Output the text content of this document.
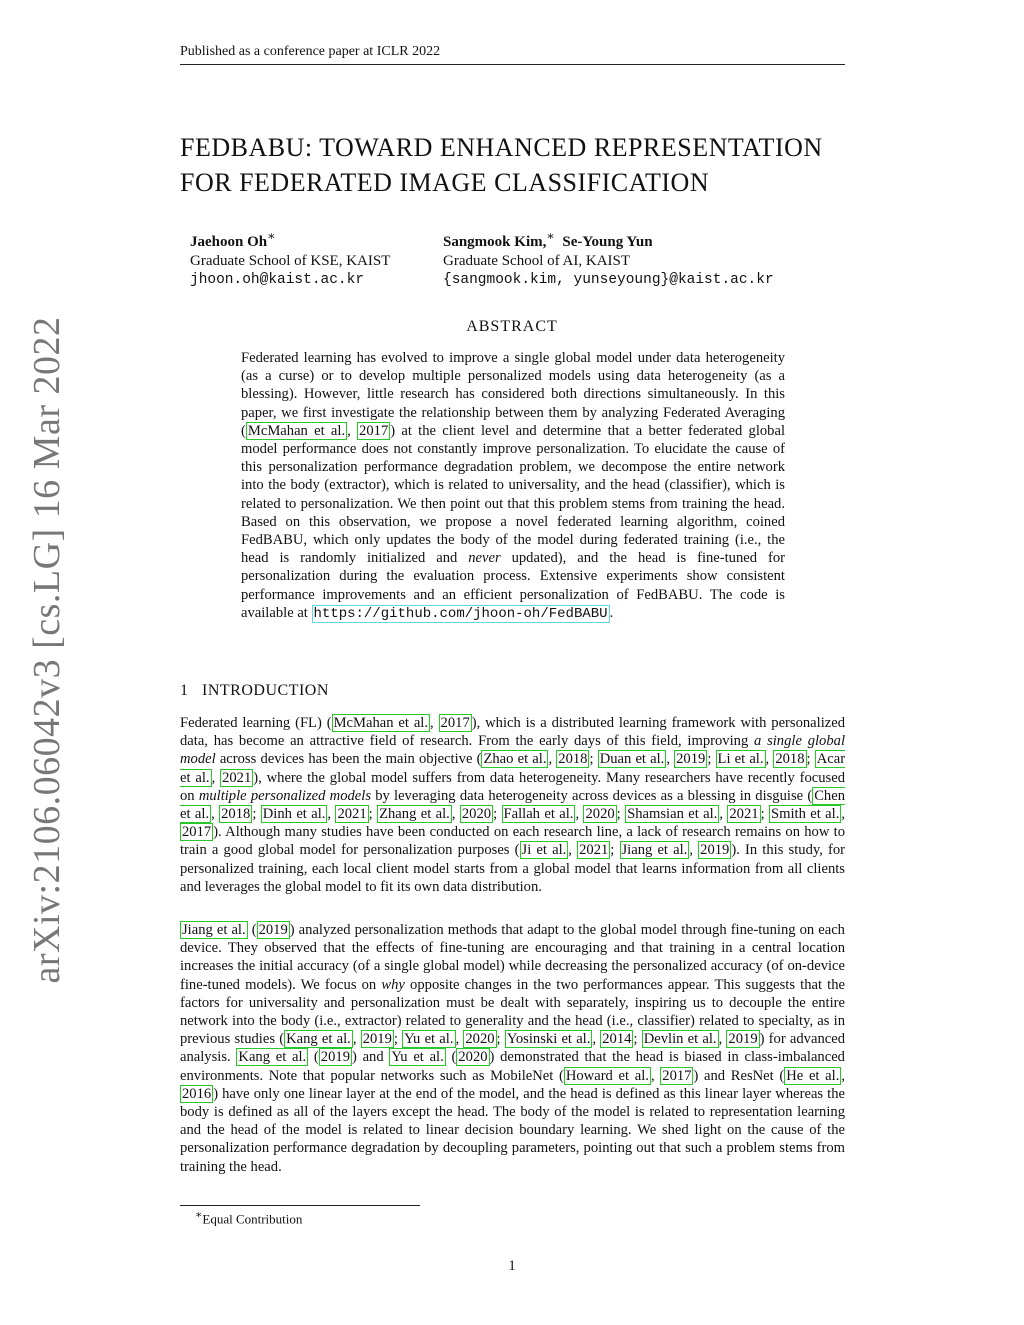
Published as a conference paper at ICLR 2022
arXiv:2106.06042v3 [cs.LG] 16 Mar 2022
FEDBABU: TOWARD ENHANCED REPRESENTATION
FOR FEDERATED IMAGE CLASSIFICATION
Jaehoon Oh∗
Graduate School of KSE, KAIST
jhoon.oh@kaist.ac.kr
Sangmook Kim,∗ Se-Young Yun
Graduate School of AI, KAIST
{sangmook.kim, yunseyoung}@kaist.ac.kr
ABSTRACT

Federated learning has evolved to improve a single global model under data heterogeneity (as a curse) or to develop multiple personalized models using data heterogeneity (as a blessing). However, little research has considered both directions simultaneously. In this paper, we first investigate the relationship between them by analyzing Federated Averaging ( McMahan et al. , 2017 ) at the client level and determine that a better federated global model performance does not constantly improve personalization. To elucidate the cause of this personalization performance degradation problem, we decompose the entire network into the body (extractor), which is related to universality, and the head (classifier), which is related to personalization. We then point out that this problem stems from training the head. Based on this observation, we propose a novel federated learning algorithm, coined FedBABU, which only updates the body of the model during federated training (i.e., the head is randomly initialized and never updated), and the head is fine-tuned for personalization during the evaluation process. Extensive experiments show consistent performance improvements and an efficient personalization of FedBABU. The code is available at https://github.com/jhoon-oh/FedBABU .

1 INTRODUCTION

Federated learning (FL) ( McMahan et al. , 2017 ), which is a distributed learning framework with personalized data, has become an attractive field of research. From the early days of this field, improving a single global model across devices has been the main objective ( Zhao et al. , 2018 ; Duan et al. , 2019 ; Li et al. , 2018 ; Acar et al. , 2021 ), where the global model suffers from data heterogeneity. Many researchers have recently focused on multiple personalized models by leveraging data heterogeneity across devices as a blessing in disguise ( Chen et al. , 2018 ; Dinh et al. , 2021 ; Zhang et al. , 2020 ; Fallah et al. , 2020 ; Shamsian et al. , 2021 ; Smith et al. , 2017 ). Although many studies have been conducted on each research line, a lack of research remains on how to train a good global model for personalization purposes ( Ji et al. , 2021 ; Jiang et al. , 2019 ). In this study, for personalized training, each local client model starts from a global model that learns information from all clients and leverages the global model to fit its own data distribution.

Jiang et al. ( 2019 ) analyzed personalization methods that adapt to the global model through fine-tuning on each device. They observed that the effects of fine-tuning are encouraging and that training in a central location increases the initial accuracy (of a single global model) while decreasing the personalized accuracy (of on-device fine-tuned models). We focus on why opposite changes in the two performances appear. This suggests that the factors for universality and personalization must be dealt with separately, inspiring us to decouple the entire network into the body (i.e., extractor) related to generality and the head (i.e., classifier) related to specialty, as in previous studies ( Kang et al. , 2019 ; Yu et al. , 2020 ; Yosinski et al. , 2014 ; Devlin et al. , 2019 ) for advanced analysis. Kang et al. ( 2019 ) and Yu et al. ( 2020 ) demonstrated that the head is biased in class-imbalanced environments. Note that popular networks such as MobileNet ( Howard et al. , 2017 ) and ResNet ( He et al. , 2016 ) have only one linear layer at the end of the model, and the head is defined as this linear layer whereas the body is defined as all of the layers except the head. The body of the model is related to representation learning and the head of the model is related to linear decision boundary learning. We shed light on the cause of the personalization performance degradation by decoupling parameters, pointing out that such a problem stems from training the head.

∗Equal Contribution
1
